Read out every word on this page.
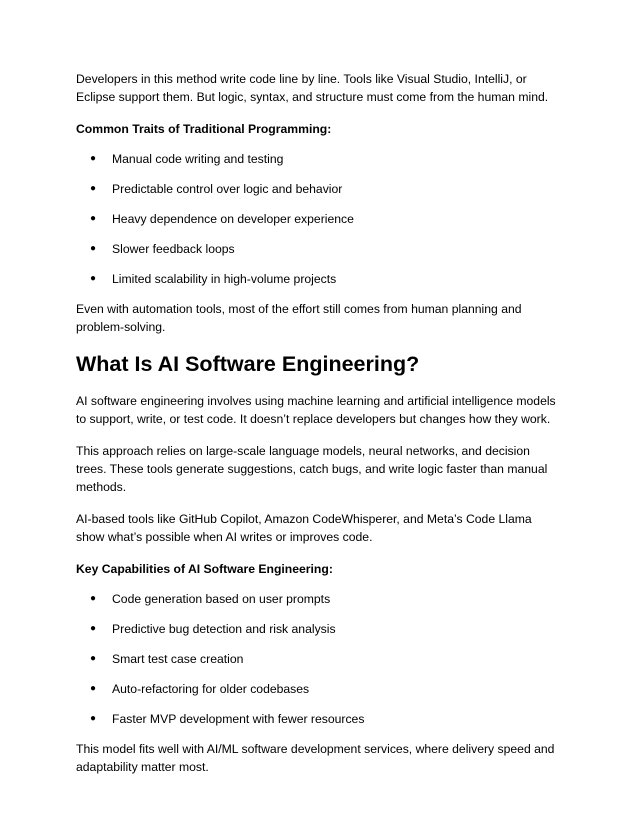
Developers in this method write code line by line. Tools like Visual Studio, IntelliJ, or Eclipse support them. But logic, syntax, and structure must come from the human mind.

Common Traits of Traditional Programming:

● Manual code writing and testing
● Predictable control over logic and behavior
● Heavy dependence on developer experience
● Slower feedback loops
● Limited scalability in high-volume projects

Even with automation tools, most of the effort still comes from human planning and problem-solving.

What Is AI Software Engineering?

AI software engineering involves using machine learning and artificial intelligence models to support, write, or test code. It doesn’t replace developers but changes how they work.

This approach relies on large-scale language models, neural networks, and decision trees. These tools generate suggestions, catch bugs, and write logic faster than manual methods.

AI-based tools like GitHub Copilot, Amazon CodeWhisperer, and Meta’s Code Llama show what’s possible when AI writes or improves code.

Key Capabilities of AI Software Engineering:

● Code generation based on user prompts
● Predictive bug detection and risk analysis
● Smart test case creation
● Auto-refactoring for older codebases
● Faster MVP development with fewer resources

This model fits well with AI/ML software development services, where delivery speed and adaptability matter most.
